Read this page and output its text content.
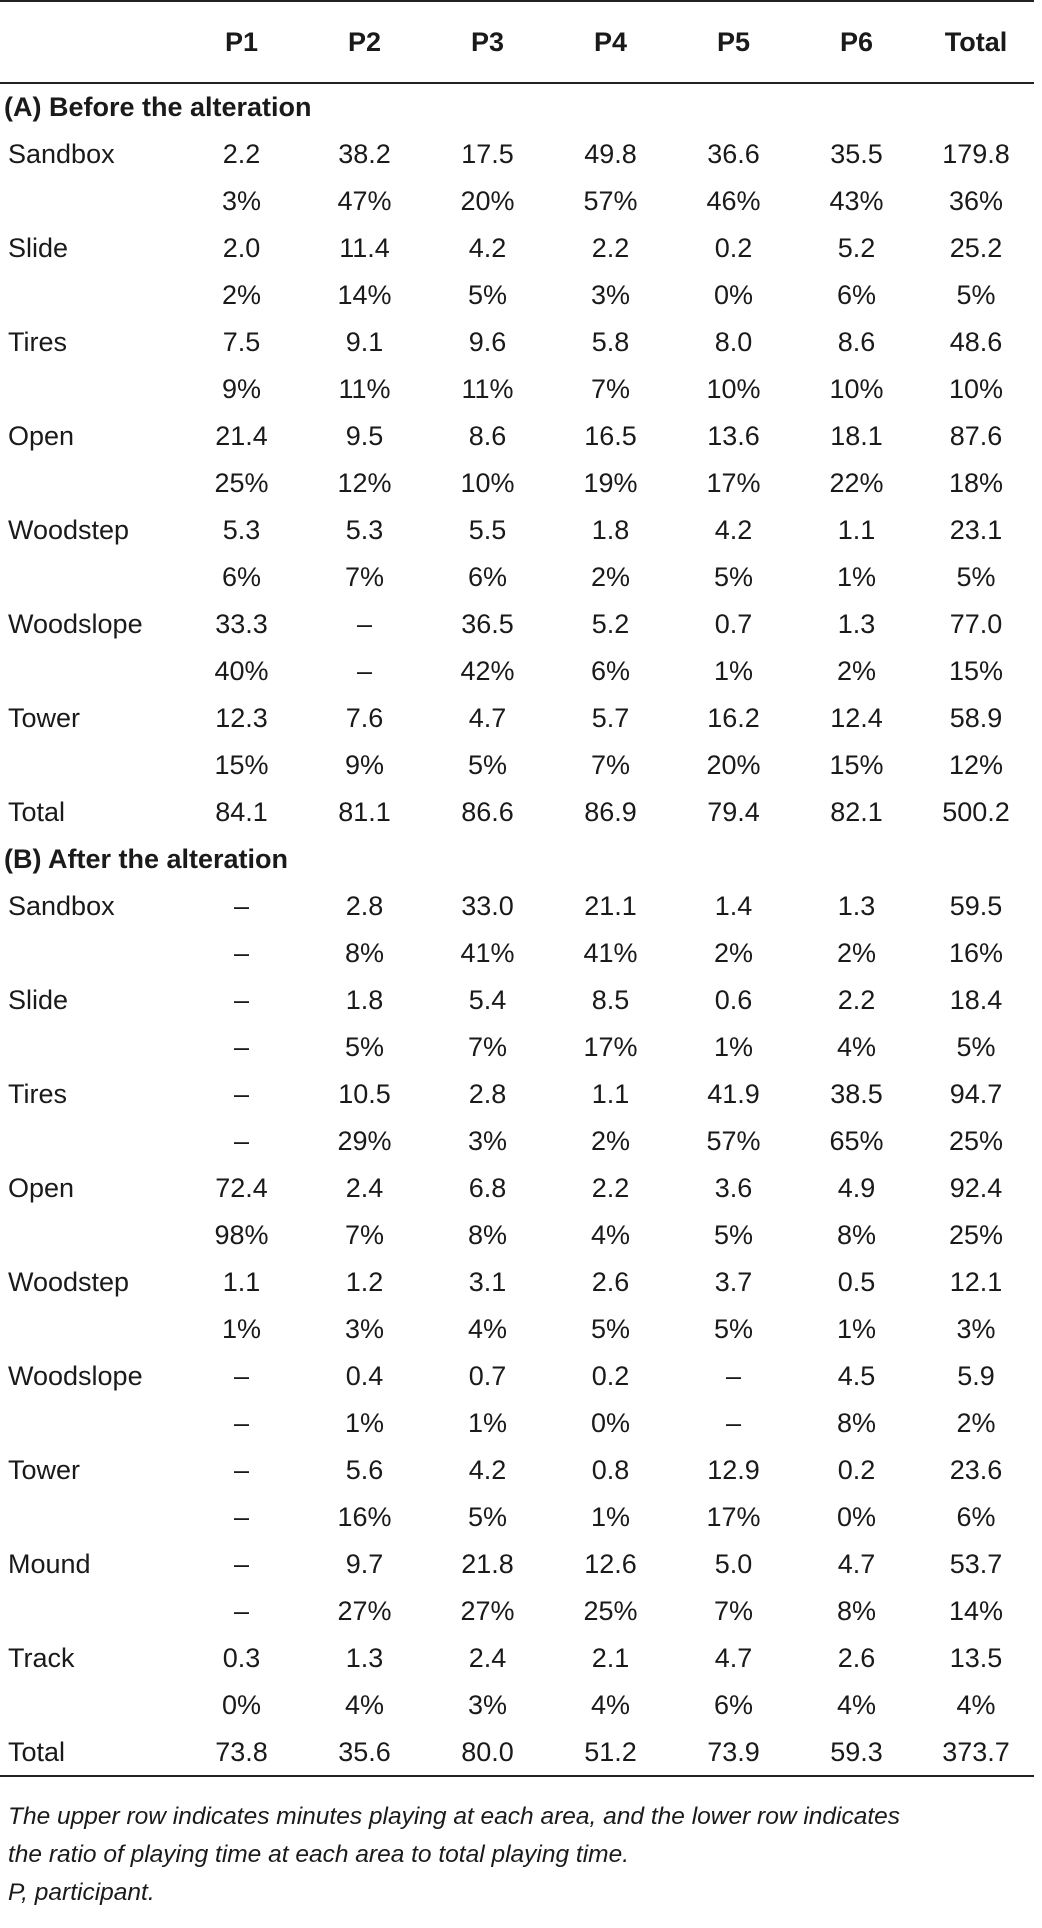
	P1	P2	P3	P4	P5	P6	Total
(A) Before the alteration							
Sandbox	2.2	38.2	17.5	49.8	36.6	35.5	179.8
	3%	47%	20%	57%	46%	43%	36%
Slide	2.0	11.4	4.2	2.2	0.2	5.2	25.2
	2%	14%	5%	3%	0%	6%	5%
Tires	7.5	9.1	9.6	5.8	8.0	8.6	48.6
	9%	11%	11%	7%	10%	10%	10%
Open	21.4	9.5	8.6	16.5	13.6	18.1	87.6
	25%	12%	10%	19%	17%	22%	18%
Woodstep	5.3	5.3	5.5	1.8	4.2	1.1	23.1
	6%	7%	6%	2%	5%	1%	5%
Woodslope	33.3	–	36.5	5.2	0.7	1.3	77.0
	40%	–	42%	6%	1%	2%	15%
Tower	12.3	7.6	4.7	5.7	16.2	12.4	58.9
	15%	9%	5%	7%	20%	15%	12%
Total	84.1	81.1	86.6	86.9	79.4	82.1	500.2
(B) After the alteration							
Sandbox	–	2.8	33.0	21.1	1.4	1.3	59.5
	–	8%	41%	41%	2%	2%	16%
Slide	–	1.8	5.4	8.5	0.6	2.2	18.4
	–	5%	7%	17%	1%	4%	5%
Tires	–	10.5	2.8	1.1	41.9	38.5	94.7
	–	29%	3%	2%	57%	65%	25%
Open	72.4	2.4	6.8	2.2	3.6	4.9	92.4
	98%	7%	8%	4%	5%	8%	25%
Woodstep	1.1	1.2	3.1	2.6	3.7	0.5	12.1
	1%	3%	4%	5%	5%	1%	3%
Woodslope	–	0.4	0.7	0.2	–	4.5	5.9
	–	1%	1%	0%	–	8%	2%
Tower	–	5.6	4.2	0.8	12.9	0.2	23.6
	–	16%	5%	1%	17%	0%	6%
Mound	–	9.7	21.8	12.6	5.0	4.7	53.7
	–	27%	27%	25%	7%	8%	14%
Track	0.3	1.3	2.4	2.1	4.7	2.6	13.5
	0%	4%	3%	4%	6%	4%	4%
Total	73.8	35.6	80.0	51.2	73.9	59.3	373.7

The upper row indicates minutes playing at each area, and the lower row indicates

the ratio of playing time at each area to total playing time.

P, participant.
